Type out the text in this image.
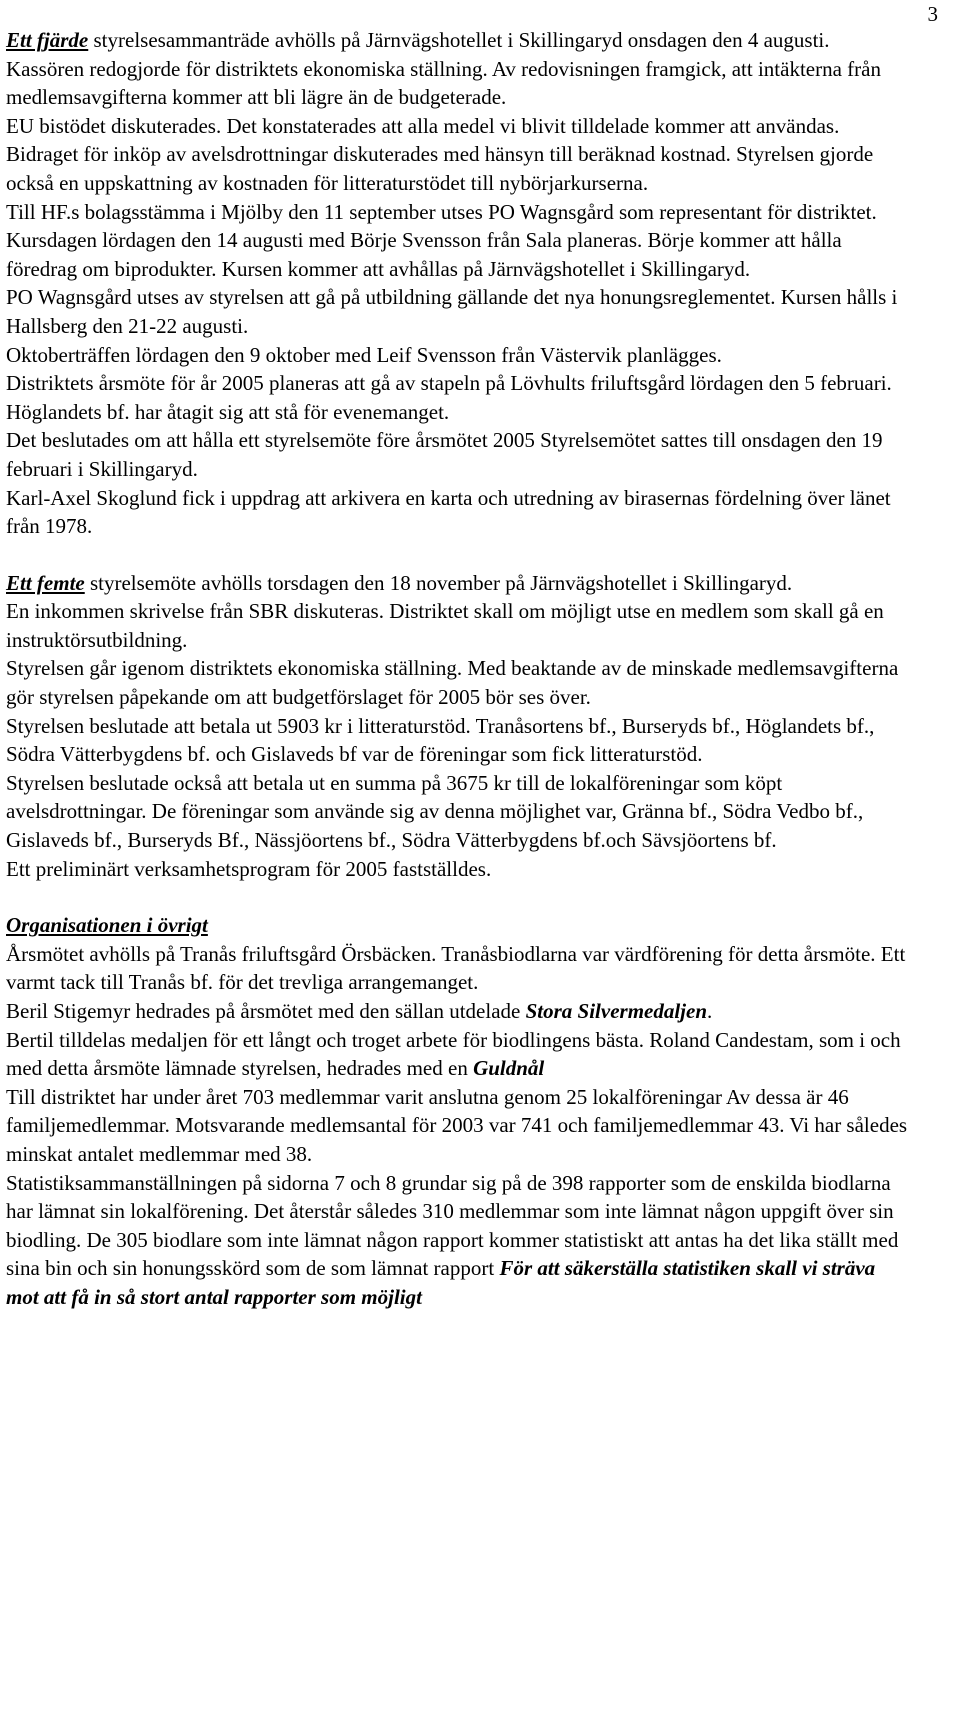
3

Ett fjärde styrelsesammanträde avhölls på Järnvägshotellet i Skillingaryd onsdagen den 4 augusti.

Kassören redogjorde för distriktets ekonomiska ställning. Av redovisningen framgick, att intäkterna från medlemsavgifterna kommer att bli lägre än de budgeterade.

EU bistödet diskuterades. Det konstaterades att alla medel vi blivit tilldelade kommer att användas. Bidraget för inköp av avelsdrottningar diskuterades med hänsyn till beräknad kostnad. Styrelsen gjorde också en uppskattning av kostnaden för litteraturstödet till nybörjarkurserna.

Till HF.s bolagsstämma i Mjölby den 11 september utses PO Wagnsgård som representant för distriktet.

Kursdagen lördagen den 14 augusti med Börje Svensson från Sala planeras. Börje kommer att hålla föredrag om biprodukter. Kursen kommer att avhållas på Järnvägshotellet i Skillingaryd.

PO Wagnsgård utses av styrelsen att gå på utbildning gällande det nya honungsreglementet. Kursen hålls i Hallsberg den 21-22 augusti.

Oktoberträffen lördagen den 9 oktober med Leif Svensson från Västervik planlägges.

Distriktets årsmöte för år 2005 planeras att gå av stapeln på Lövhults friluftsgård lördagen den 5 februari. Höglandets bf. har åtagit sig att stå för evenemanget.

Det beslutades om att hålla ett styrelsemöte före årsmötet 2005 Styrelsemötet sattes till onsdagen den 19 februari i Skillingaryd.

Karl-Axel Skoglund fick i uppdrag att arkivera en karta och utredning av birasernas fördelning över länet från 1978.

Ett femte styrelsemöte avhölls torsdagen den 18 november på Järnvägshotellet i Skillingaryd.

En inkommen skrivelse från SBR diskuteras. Distriktet skall om möjligt utse en medlem som skall gå en instruktörsutbildning.

Styrelsen går igenom distriktets ekonomiska ställning. Med beaktande av de minskade medlemsavgifterna gör styrelsen påpekande om att budgetförslaget för 2005 bör ses över.

Styrelsen beslutade att betala ut 5903 kr i litteraturstöd. Tranåsortens bf., Burseryds bf., Höglandets bf., Södra Vätterbygdens bf. och Gislaveds bf var de föreningar som fick litteraturstöd.

Styrelsen beslutade också att betala ut en summa på 3675 kr till de lokalföreningar som köpt avelsdrottningar. De föreningar som använde sig av denna möjlighet var, Gränna bf., Södra Vedbo bf., Gislaveds bf., Burseryds Bf., Nässjöortens bf., Södra Vätterbygdens bf.och Sävsjöortens bf.

Ett preliminärt verksamhetsprogram för 2005 fastställdes.

Organisationen i övrigt

Årsmötet avhölls på Tranås friluftsgård Örsbäcken. Tranåsbiodlarna var värdförening för detta årsmöte. Ett varmt tack till Tranås bf. för det trevliga arrangemanget.

Beril Stigemyr hedrades på årsmötet med den sällan utdelade Stora Silvermedaljen.

Bertil tilldelas medaljen för ett långt och troget arbete för biodlingens bästa. Roland Candestam, som i och med detta årsmöte lämnade styrelsen, hedrades med en Guldnål

Till distriktet har under året 703 medlemmar varit anslutna genom 25 lokalföreningar Av dessa är 46 familjemedlemmar. Motsvarande medlemsantal för 2003 var 741 och familjemedlemmar 43. Vi har således minskat antalet medlemmar med 38.

Statistiksammanställningen på sidorna 7 och 8 grundar sig på de 398 rapporter som de enskilda biodlarna har lämnat sin lokalförening. Det återstår således 310 medlemmar som inte lämnat någon uppgift över sin biodling. De 305 biodlare som inte lämnat någon rapport kommer statistiskt att antas ha det lika ställt med sina bin och sin honungsskörd som de som lämnat rapport För att säkerställa statistiken skall vi sträva mot att få in så stort antal rapporter som möjligt
